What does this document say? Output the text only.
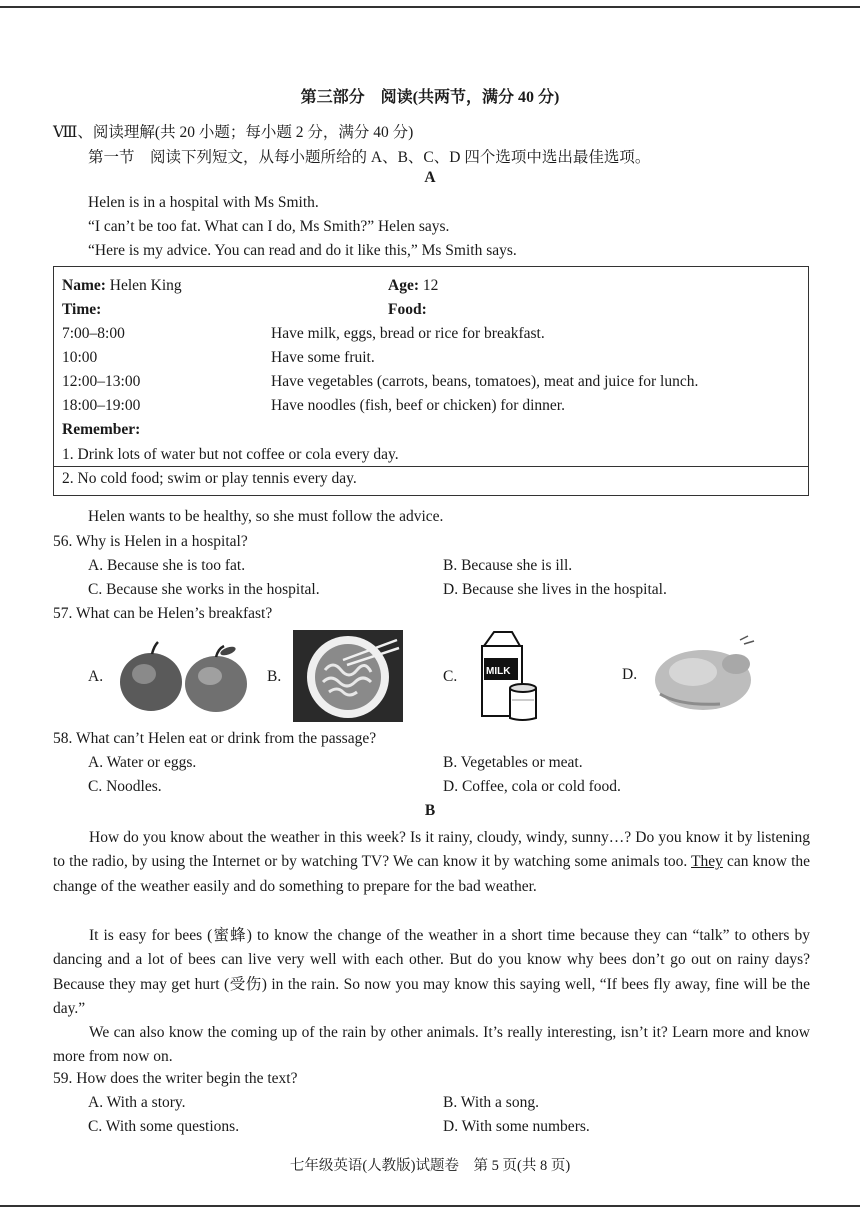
第三部分　阅读(共两节，满分 40 分)
Ⅷ、阅读理解(共 20 小题；每小题 2 分，满分 40 分)
第一节　阅读下列短文，从每小题所给的 A、B、C、D 四个选项中选出最佳选项。
A
Helen is in a hospital with Ms Smith.
“I can’t be too fat. What can I do, Ms Smith?” Helen says.
“Here is my advice. You can read and do it like this,” Ms Smith says.
Name: Helen King	Age: 12
Time:	Food:
7:00–8:00	Have milk, eggs, bread or rice for breakfast.
10:00	Have some fruit.
12:00–13:00	Have vegetables (carrots, beans, tomatoes), meat and juice for lunch.
18:00–19:00	Have noodles (fish, beef or chicken) for dinner.
Remember:
1. Drink lots of water but not coffee or cola every day.
2. No cold food; swim or play tennis every day.
Helen wants to be healthy, so she must follow the advice.
56. Why is Helen in a hospital?
A. Because she is too fat.	B. Because she is ill.
C. Because she works in the hospital.	D. Because she lives in the hospital.
57. What can be Helen’s breakfast?
A.	B.	C.	D.
MILK
58. What can’t Helen eat or drink from the passage?
A. Water or eggs.	B. Vegetables or meat.
C. Noodles.	D. Coffee, cola or cold food.
B
How do you know about the weather in this week? Is it rainy, cloudy, windy, sunny…? Do you know it by listening to the radio, by using the Internet or by watching TV? We can know it by watching some animals too. They can know the change of the weather easily and do something to prepare for the bad weather.
It is easy for bees (蜜蜂) to know the change of the weather in a short time because they can “talk” to others by dancing and a lot of bees can live very well with each other. But do you know why bees don’t go out on rainy days? Because they may get hurt (受伤) in the rain. So now you may know this saying well, “If bees fly away, fine will be the day.”
We can also know the coming up of the rain by other animals. It’s really interesting, isn’t it? Learn more and know more from now on.
59. How does the writer begin the text?
A. With a story.	B. With a song.
C. With some questions.	D. With some numbers.
七年级英语(人教版)试题卷　第 5 页(共 8 页)
